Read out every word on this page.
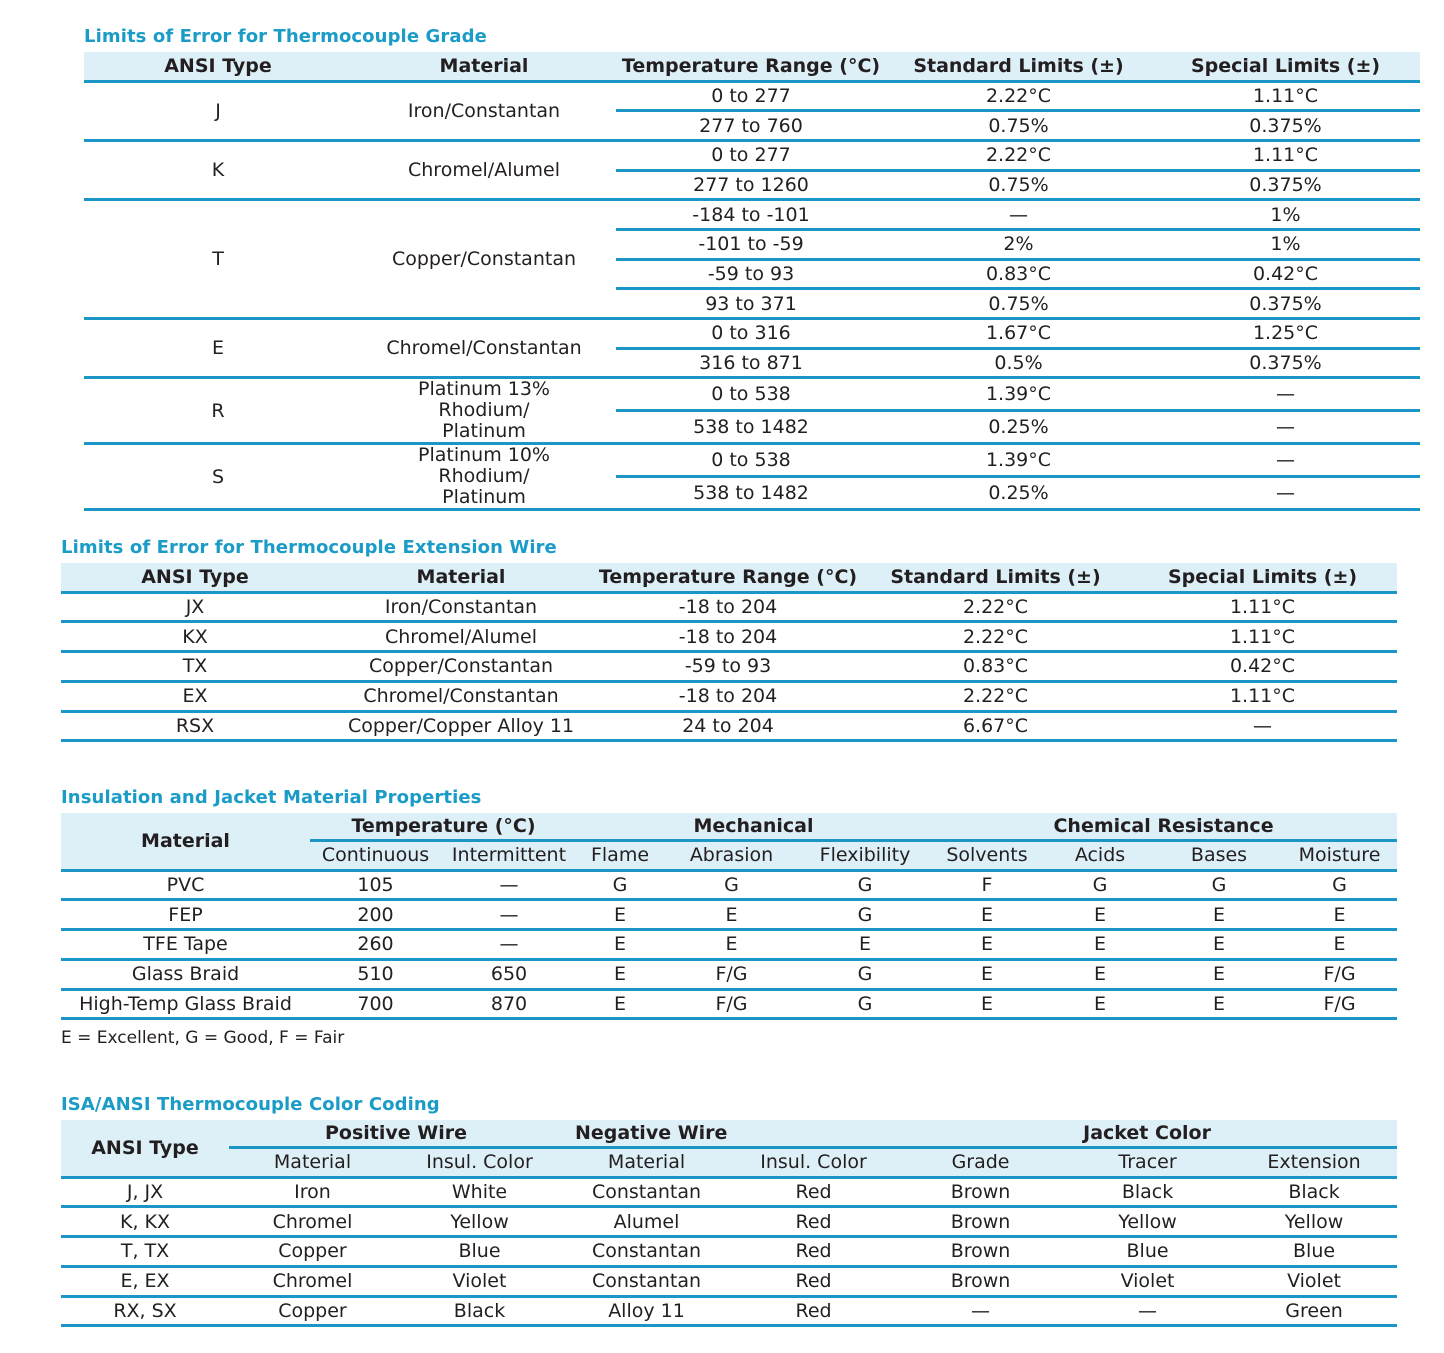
Limits of Error for Thermocouple Grade
ANSI Type	Material	Temperature Range (°C)	Standard Limits (±)	Special Limits (±)
J	Iron/Constantan	0 to 277	2.22°C	1.11°C
		277 to 760	0.75%	0.375%
K	Chromel/Alumel	0 to 277	2.22°C	1.11°C
		277 to 1260	0.75%	0.375%
T	Copper/Constantan	-184 to -101	—	1%
		-101 to -59	2%	1%
		-59 to 93	0.83°C	0.42°C
		93 to 371	0.75%	0.375%
E	Chromel/Constantan	0 to 316	1.67°C	1.25°C
		316 to 871	0.5%	0.375%
R	Platinum 13% Rhodium/ Platinum	0 to 538	1.39°C	—
		538 to 1482	0.25%	—
S	Platinum 10% Rhodium/ Platinum	0 to 538	1.39°C	—
		538 to 1482	0.25%	—
Limits of Error for Thermocouple Extension Wire
ANSI Type	Material	Temperature Range (°C)	Standard Limits (±)	Special Limits (±)
JX	Iron/Constantan	-18 to 204	2.22°C	1.11°C
KX	Chromel/Alumel	-18 to 204	2.22°C	1.11°C
TX	Copper/Constantan	-59 to 93	0.83°C	0.42°C
EX	Chromel/Constantan	-18 to 204	2.22°C	1.11°C
RSX	Copper/Copper Alloy 11	24 to 204	6.67°C	—
Insulation and Jacket Material Properties
Material	Temperature (°C)		Mechanical			Chemical Resistance			
	Continuous	Intermittent	Flame	Abrasion	Flexibility	Solvents	Acids	Bases	Moisture
PVC	105	—	G	G	G	F	G	G	G
FEP	200	—	E	E	G	E	E	E	E
TFE Tape	260	—	E	E	E	E	E	E	E
Glass Braid	510	650	E	F/G	G	E	E	E	F/G
High-Temp Glass Braid	700	870	E	F/G	G	E	E	E	F/G
E = Excellent, G = Good, F = Fair
ISA/ANSI Thermocouple Color Coding
ANSI Type	Positive Wire		Negative Wire		Jacket Color		
	Material	Insul. Color	Material	Insul. Color	Grade	Tracer	Extension
J, JX	Iron	White	Constantan	Red	Brown	Black	Black
K, KX	Chromel	Yellow	Alumel	Red	Brown	Yellow	Yellow
T, TX	Copper	Blue	Constantan	Red	Brown	Blue	Blue
E, EX	Chromel	Violet	Constantan	Red	Brown	Violet	Violet
RX, SX	Copper	Black	Alloy 11	Red	—	—	Green
